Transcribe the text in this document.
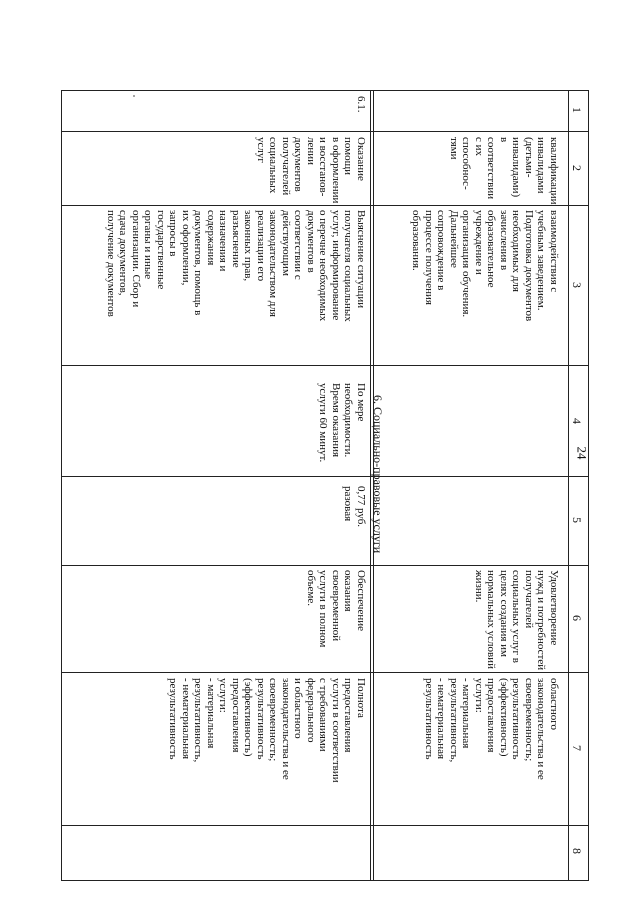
1
2
3
4
5
6
7
8
квалификации
инвалидами
(детьми-
инвалидами)
в
соответствии
с их
способнос-
тями
взаимодействия с
учебным заведением.
Подготовка документов
необходимых для
зачисления в
образовательное
учреждение и
организация обучения.
Дальнейшее
сопровождение в
процессе получения
образования.
Удовлетворение
нужд и потребностей
получателей
социальных услуг в
целях создания им
нормальных условий
жизни.
областного
законодательства и ее
своевременность;
результативность
(эффективность)
предоставления
услуги:
- материальная
результативность,
- нематериальная
результативность
6. Социально-правовые услуги
6.1.
Оказание
помощи
в оформлении
и восстанов-
лении
документов
получателей
социальных
услуг
Выяснение ситуации
получателя социальных
услуг, информирование
о перечне необходимых
документов в
соответствии с
действующим
законодательством для
реализации его
законных прав,
разъяснение
назначения и
содержания
документов, помощь в
их оформлении,
запросы в
государственные
органы и иные
организации. Сбор и
сдача документов,
получение документов
По мере
необходимости.
Время оказания
услуги 60 минут.
0,77 руб.
разовая
Обеспечение
оказания
своевременной
услуги в полном
объеме.
Полнота
предоставления
услуги в соответствии
с требованиями
федерального
и областного
законодательства и ее
своевременность;
результативность
(эффективность)
предоставления
услуги:
- материальная
результативность,
- нематериальная
результативность
24
